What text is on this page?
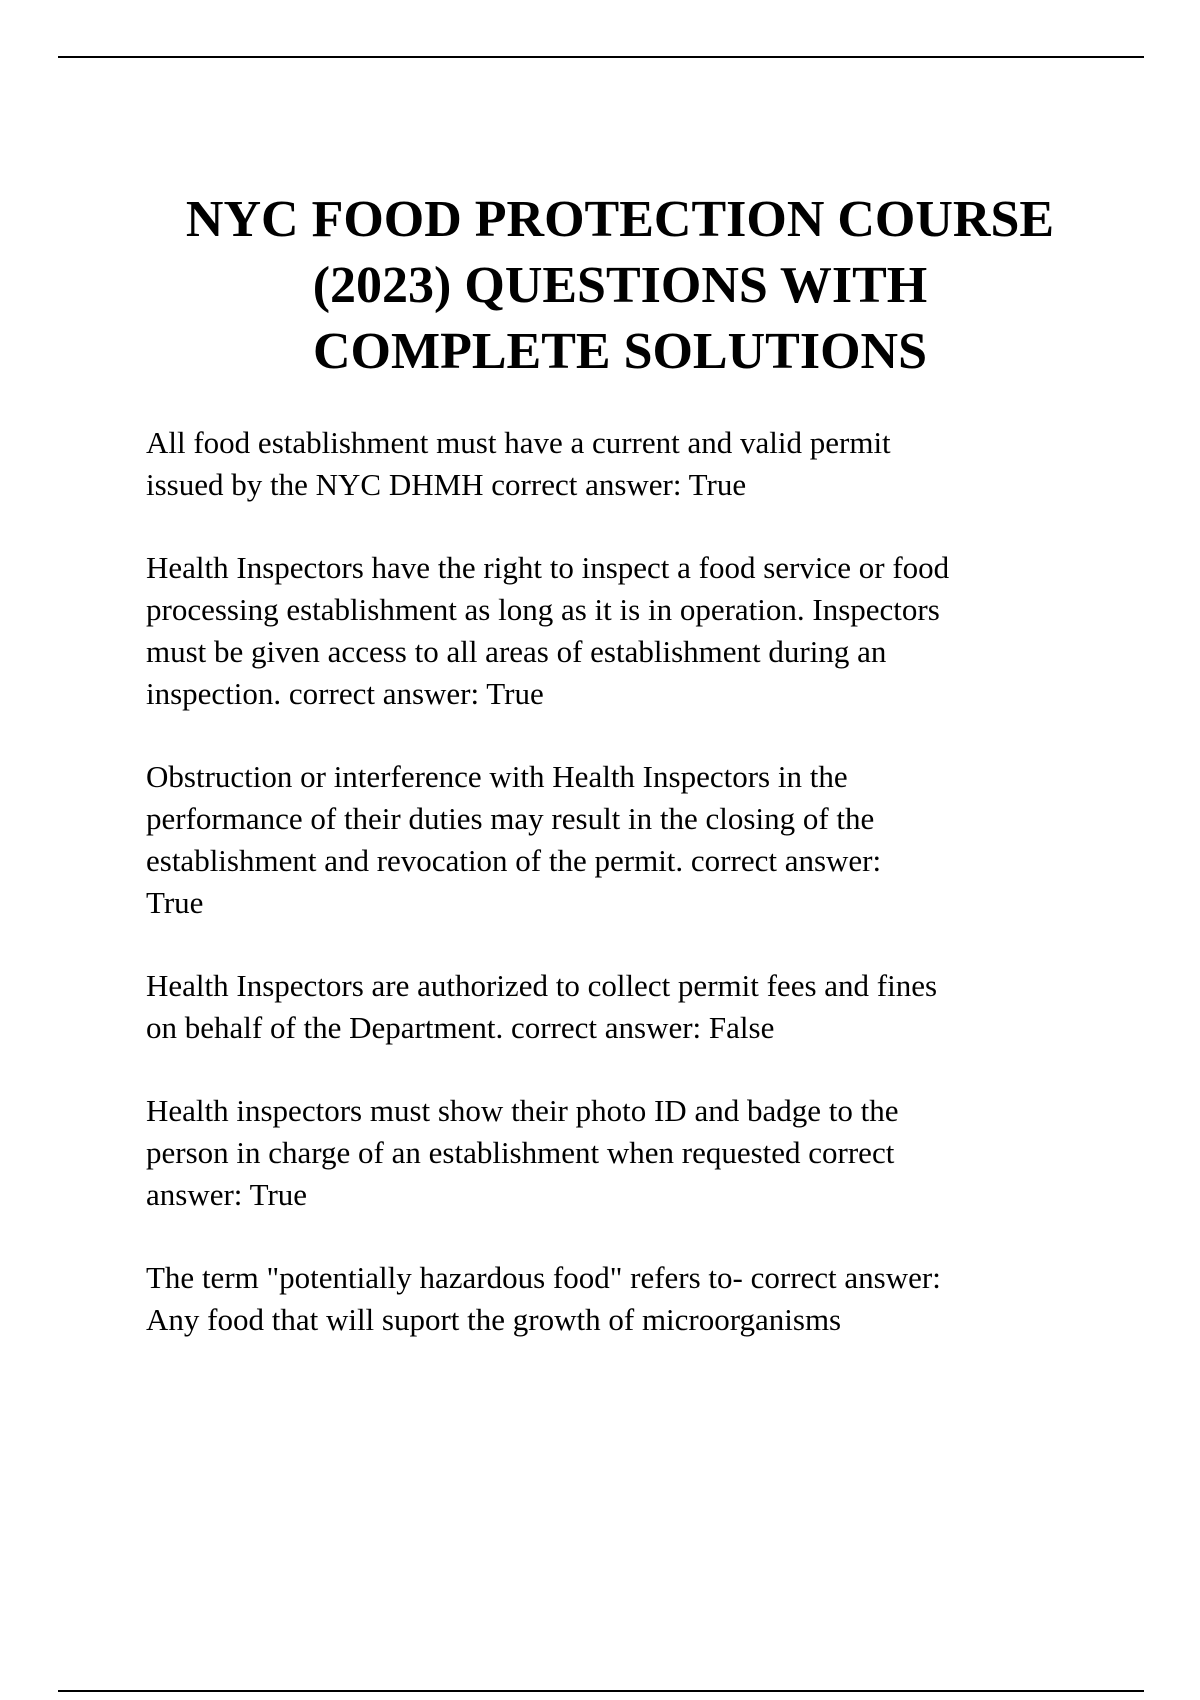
NYC FOOD PROTECTION COURSE
(2023) QUESTIONS WITH
COMPLETE SOLUTIONS

All food establishment must have a current and valid permit
issued by the NYC DHMH correct answer: True

Health Inspectors have the right to inspect a food service or food
processing establishment as long as it is in operation. Inspectors
must be given access to all areas of establishment during an
inspection. correct answer: True

Obstruction or interference with Health Inspectors in the
performance of their duties may result in the closing of the
establishment and revocation of the permit. correct answer:
True

Health Inspectors are authorized to collect permit fees and fines
on behalf of the Department. correct answer: False

Health inspectors must show their photo ID and badge to the
person in charge of an establishment when requested correct
answer: True

The term "potentially hazardous food" refers to- correct answer:
Any food that will suport the growth of microorganisms
